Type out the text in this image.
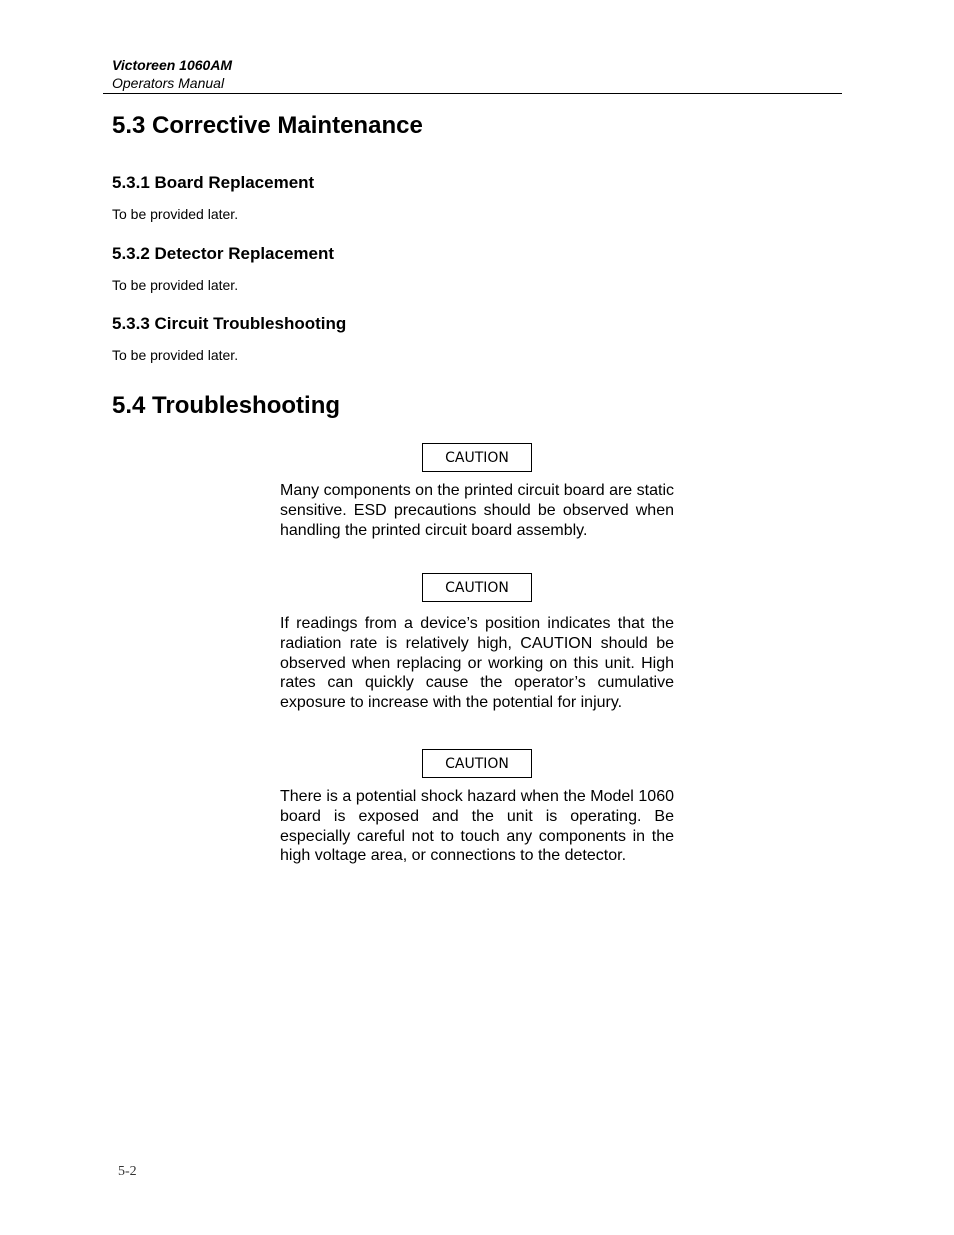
Victoreen 1060AM
Operators Manual
5.3 Corrective Maintenance
5.3.1 Board Replacement

To be provided later.

5.3.2 Detector Replacement

To be provided later.

5.3.3 Circuit Troubleshooting

To be provided later.

5.4 Troubleshooting
CAUTION

Many components on the printed circuit board are static sensitive. ESD precautions should be observed when handling the printed circuit board assembly.

CAUTION

If readings from a device’s position indicates that the radiation rate is relatively high, CAUTION should be observed when replacing or working on this unit. High rates can quickly cause the operator’s cumulative exposure to increase with the potential for injury.

CAUTION

There is a potential shock hazard when the Model 1060 board is exposed and the unit is operating. Be especially careful not to touch any components in the high voltage area, or connections to the detector.

5-2
